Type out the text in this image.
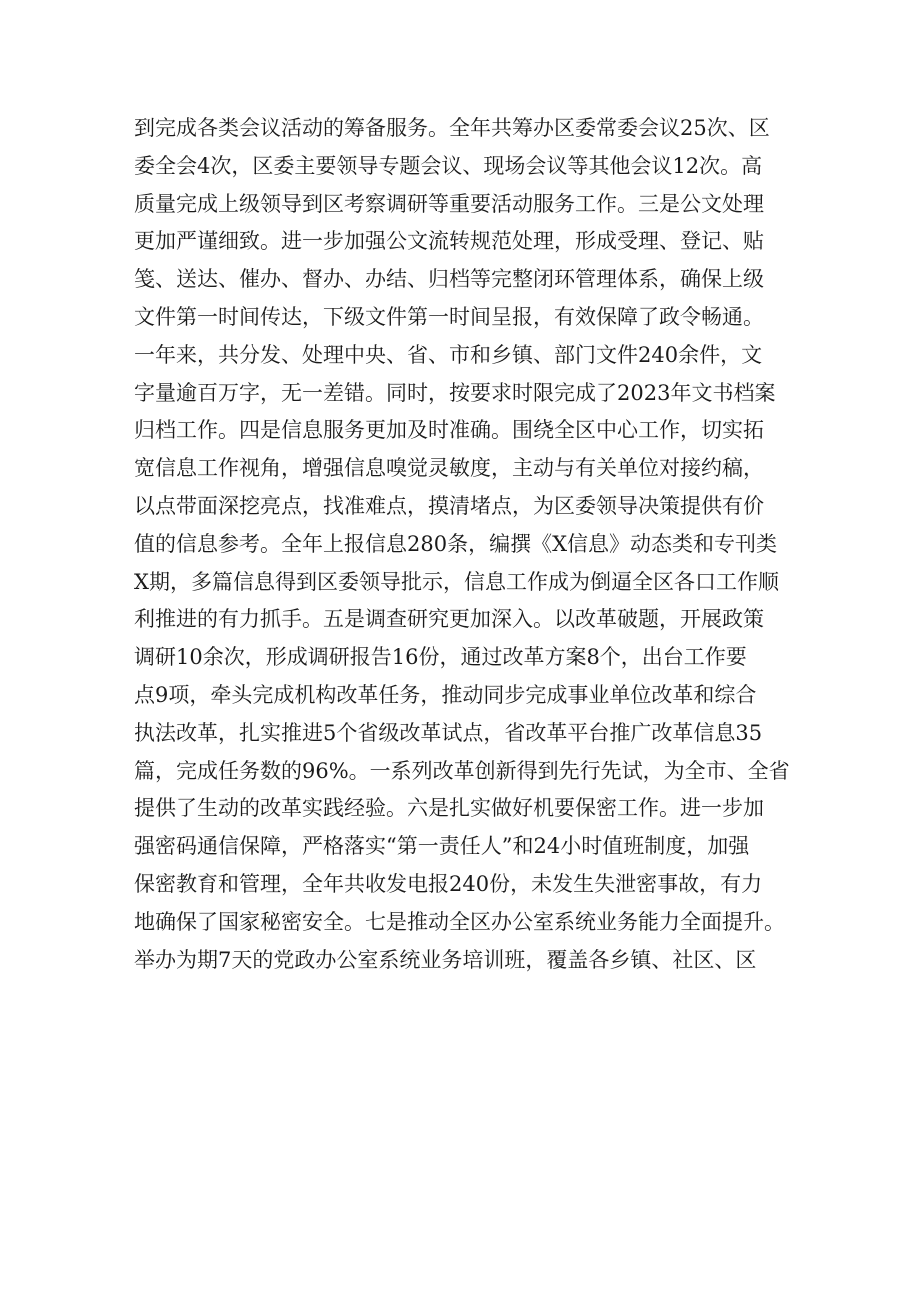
到完成各类会议活动的筹备服务。全年共筹办区委常委会议25次、区
委全会4次，区委主要领导专题会议、现场会议等其他会议12次。高
质量完成上级领导到区考察调研等重要活动服务工作。三是公文处理
更加严谨细致。进一步加强公文流转规范处理，形成受理、登记、贴
笺、送达、催办、督办、办结、归档等完整闭环管理体系，确保上级
文件第一时间传达，下级文件第一时间呈报，有效保障了政令畅通。
一年来，共分发、处理中央、省、市和乡镇、部门文件240余件，文
字量逾百万字，无一差错。同时，按要求时限完成了2023年文书档案
归档工作。四是信息服务更加及时准确。围绕全区中心工作，切实拓
宽信息工作视角，增强信息嗅觉灵敏度，主动与有关单位对接约稿，
以点带面深挖亮点，找准难点，摸清堵点，为区委领导决策提供有价
值的信息参考。全年上报信息280条，编撰《X信息》动态类和专刊类
X期，多篇信息得到区委领导批示，信息工作成为倒逼全区各口工作顺
利推进的有力抓手。五是调查研究更加深入。以改革破题，开展政策
调研10余次，形成调研报告16份，通过改革方案8个，出台工作要
点9项，牵头完成机构改革任务，推动同步完成事业单位改革和综合
执法改革，扎实推进5个省级改革试点，省改革平台推广改革信息35
篇，完成任务数的96%。一系列改革创新得到先行先试，为全市、全省
提供了生动的改革实践经验。六是扎实做好机要保密工作。进一步加
强密码通信保障，严格落实“第一责任人”和24小时值班制度，加强
保密教育和管理，全年共收发电报240份，未发生失泄密事故，有力
地确保了国家秘密安全。七是推动全区办公室系统业务能力全面提升。
举办为期7天的党政办公室系统业务培训班，覆盖各乡镇、社区、区
